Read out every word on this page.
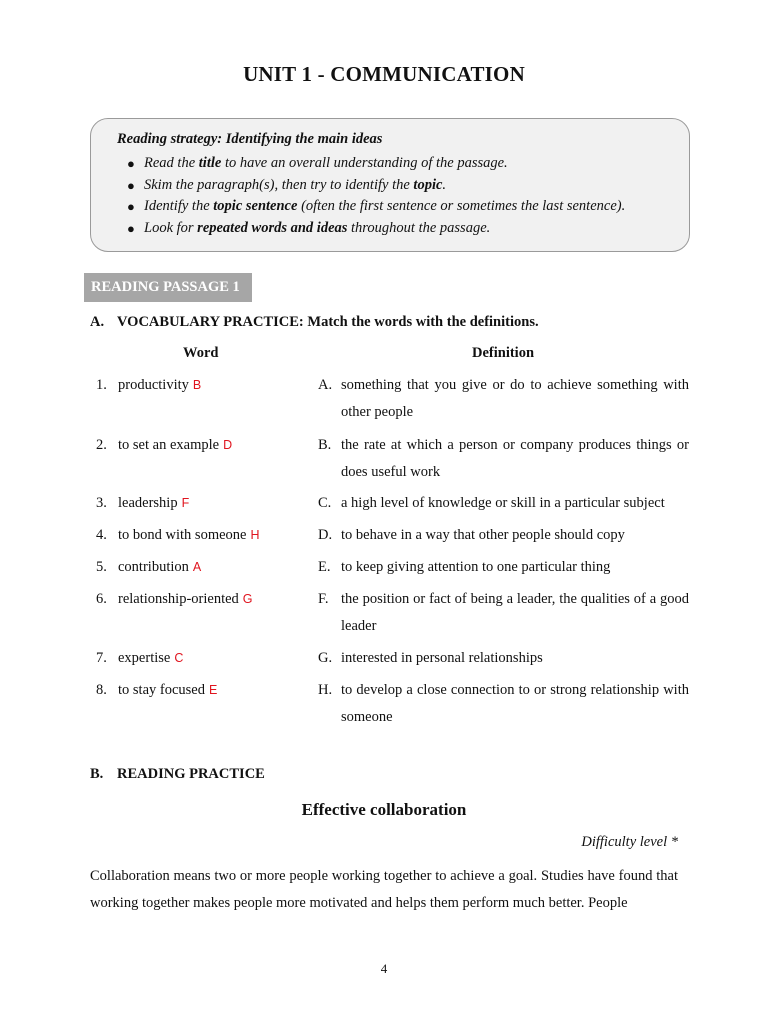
UNIT 1 - COMMUNICATION
Reading strategy: Identifying the main ideas
● Read the title to have an overall understanding of the passage.
● Skim the paragraph(s), then try to identify the topic.
● Identify the topic sentence (often the first sentence or sometimes the last sentence).
● Look for repeated words and ideas throughout the passage.
READING PASSAGE 1
A. VOCABULARY PRACTICE: Match the words with the definitions.
Word	Definition
1. productivity B	A. something that you give or do to achieve something with other people
2. to set an example D	B. the rate at which a person or company produces things or does useful work
3. leadership F	C. a high level of knowledge or skill in a particular subject
4. to bond with someone H	D. to behave in a way that other people should copy
5. contribution A	E. to keep giving attention to one particular thing
6. relationship-oriented G	F. the position or fact of being a leader, the qualities of a good leader
7. expertise C	G. interested in personal relationships
8. to stay focused E	H. to develop a close connection to or strong relationship with someone
B. READING PRACTICE
Effective collaboration
Difficulty level *
Collaboration means two or more people working together to achieve a goal. Studies have found that working together makes people more motivated and helps them perform much better. People
4
